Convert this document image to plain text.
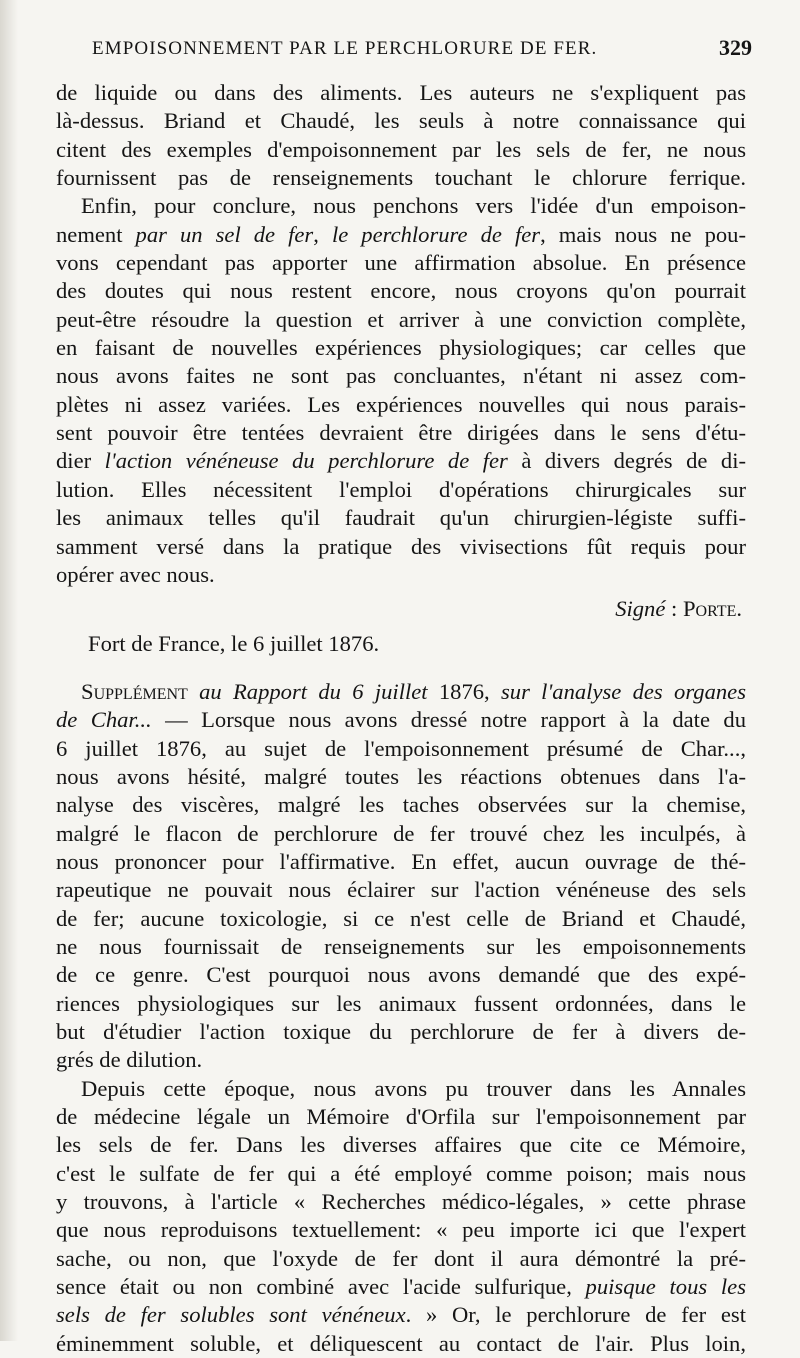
EMPOISONNEMENT PAR LE PERCHLORURE DE FER.	329
de liquide ou dans des aliments. Les auteurs ne s'expliquent pas
là-dessus. Briand et Chaudé, les seuls à notre connaissance qui
citent des exemples d'empoisonnement par les sels de fer, ne nous
fournissent pas de renseignements touchant le chlorure ferrique.
Enfin, pour conclure, nous penchons vers l'idée d'un empoison-
nement par un sel de fer, le perchlorure de fer, mais nous ne pou-
vons cependant pas apporter une affirmation absolue. En présence
des doutes qui nous restent encore, nous croyons qu'on pourrait
peut-être résoudre la question et arriver à une conviction complète,
en faisant de nouvelles expériences physiologiques; car celles que
nous avons faites ne sont pas concluantes, n'étant ni assez com-
plètes ni assez variées. Les expériences nouvelles qui nous parais-
sent pouvoir être tentées devraient être dirigées dans le sens d'étu-
dier l'action vénéneuse du perchlorure de fer à divers degrés de di-
lution. Elles nécessitent l'emploi d'opérations chirurgicales sur
les animaux telles qu'il faudrait qu'un chirurgien-légiste suffi-
samment versé dans la pratique des vivisections fût requis pour
opérer avec nous.
Signé : Porte.
Fort de France, le 6 juillet 1876.
Supplément au Rapport du 6 juillet 1876, sur l'analyse des organes
de Char... — Lorsque nous avons dressé notre rapport à la date du
6 juillet 1876, au sujet de l'empoisonnement présumé de Char...,
nous avons hésité, malgré toutes les réactions obtenues dans l'a-
nalyse des viscères, malgré les taches observées sur la chemise,
malgré le flacon de perchlorure de fer trouvé chez les inculpés, à
nous prononcer pour l'affirmative. En effet, aucun ouvrage de thé-
rapeutique ne pouvait nous éclairer sur l'action vénéneuse des sels
de fer; aucune toxicologie, si ce n'est celle de Briand et Chaudé,
ne nous fournissait de renseignements sur les empoisonnements
de ce genre. C'est pourquoi nous avons demandé que des expé-
riences physiologiques sur les animaux fussent ordonnées, dans le
but d'étudier l'action toxique du perchlorure de fer à divers de-
grés de dilution.
Depuis cette époque, nous avons pu trouver dans les Annales
de médecine légale un Mémoire d'Orfila sur l'empoisonnement par
les sels de fer. Dans les diverses affaires que cite ce Mémoire,
c'est le sulfate de fer qui a été employé comme poison; mais nous
y trouvons, à l'article « Recherches médico-légales, » cette phrase
que nous reproduisons textuellement: « peu importe ici que l'expert
sache, ou non, que l'oxyde de fer dont il aura démontré la pré-
sence était ou non combiné avec l'acide sulfurique, puisque tous les
sels de fer solubles sont vénéneux. » Or, le perchlorure de fer est
éminemment soluble, et déliquescent au contact de l'air. Plus loin,
